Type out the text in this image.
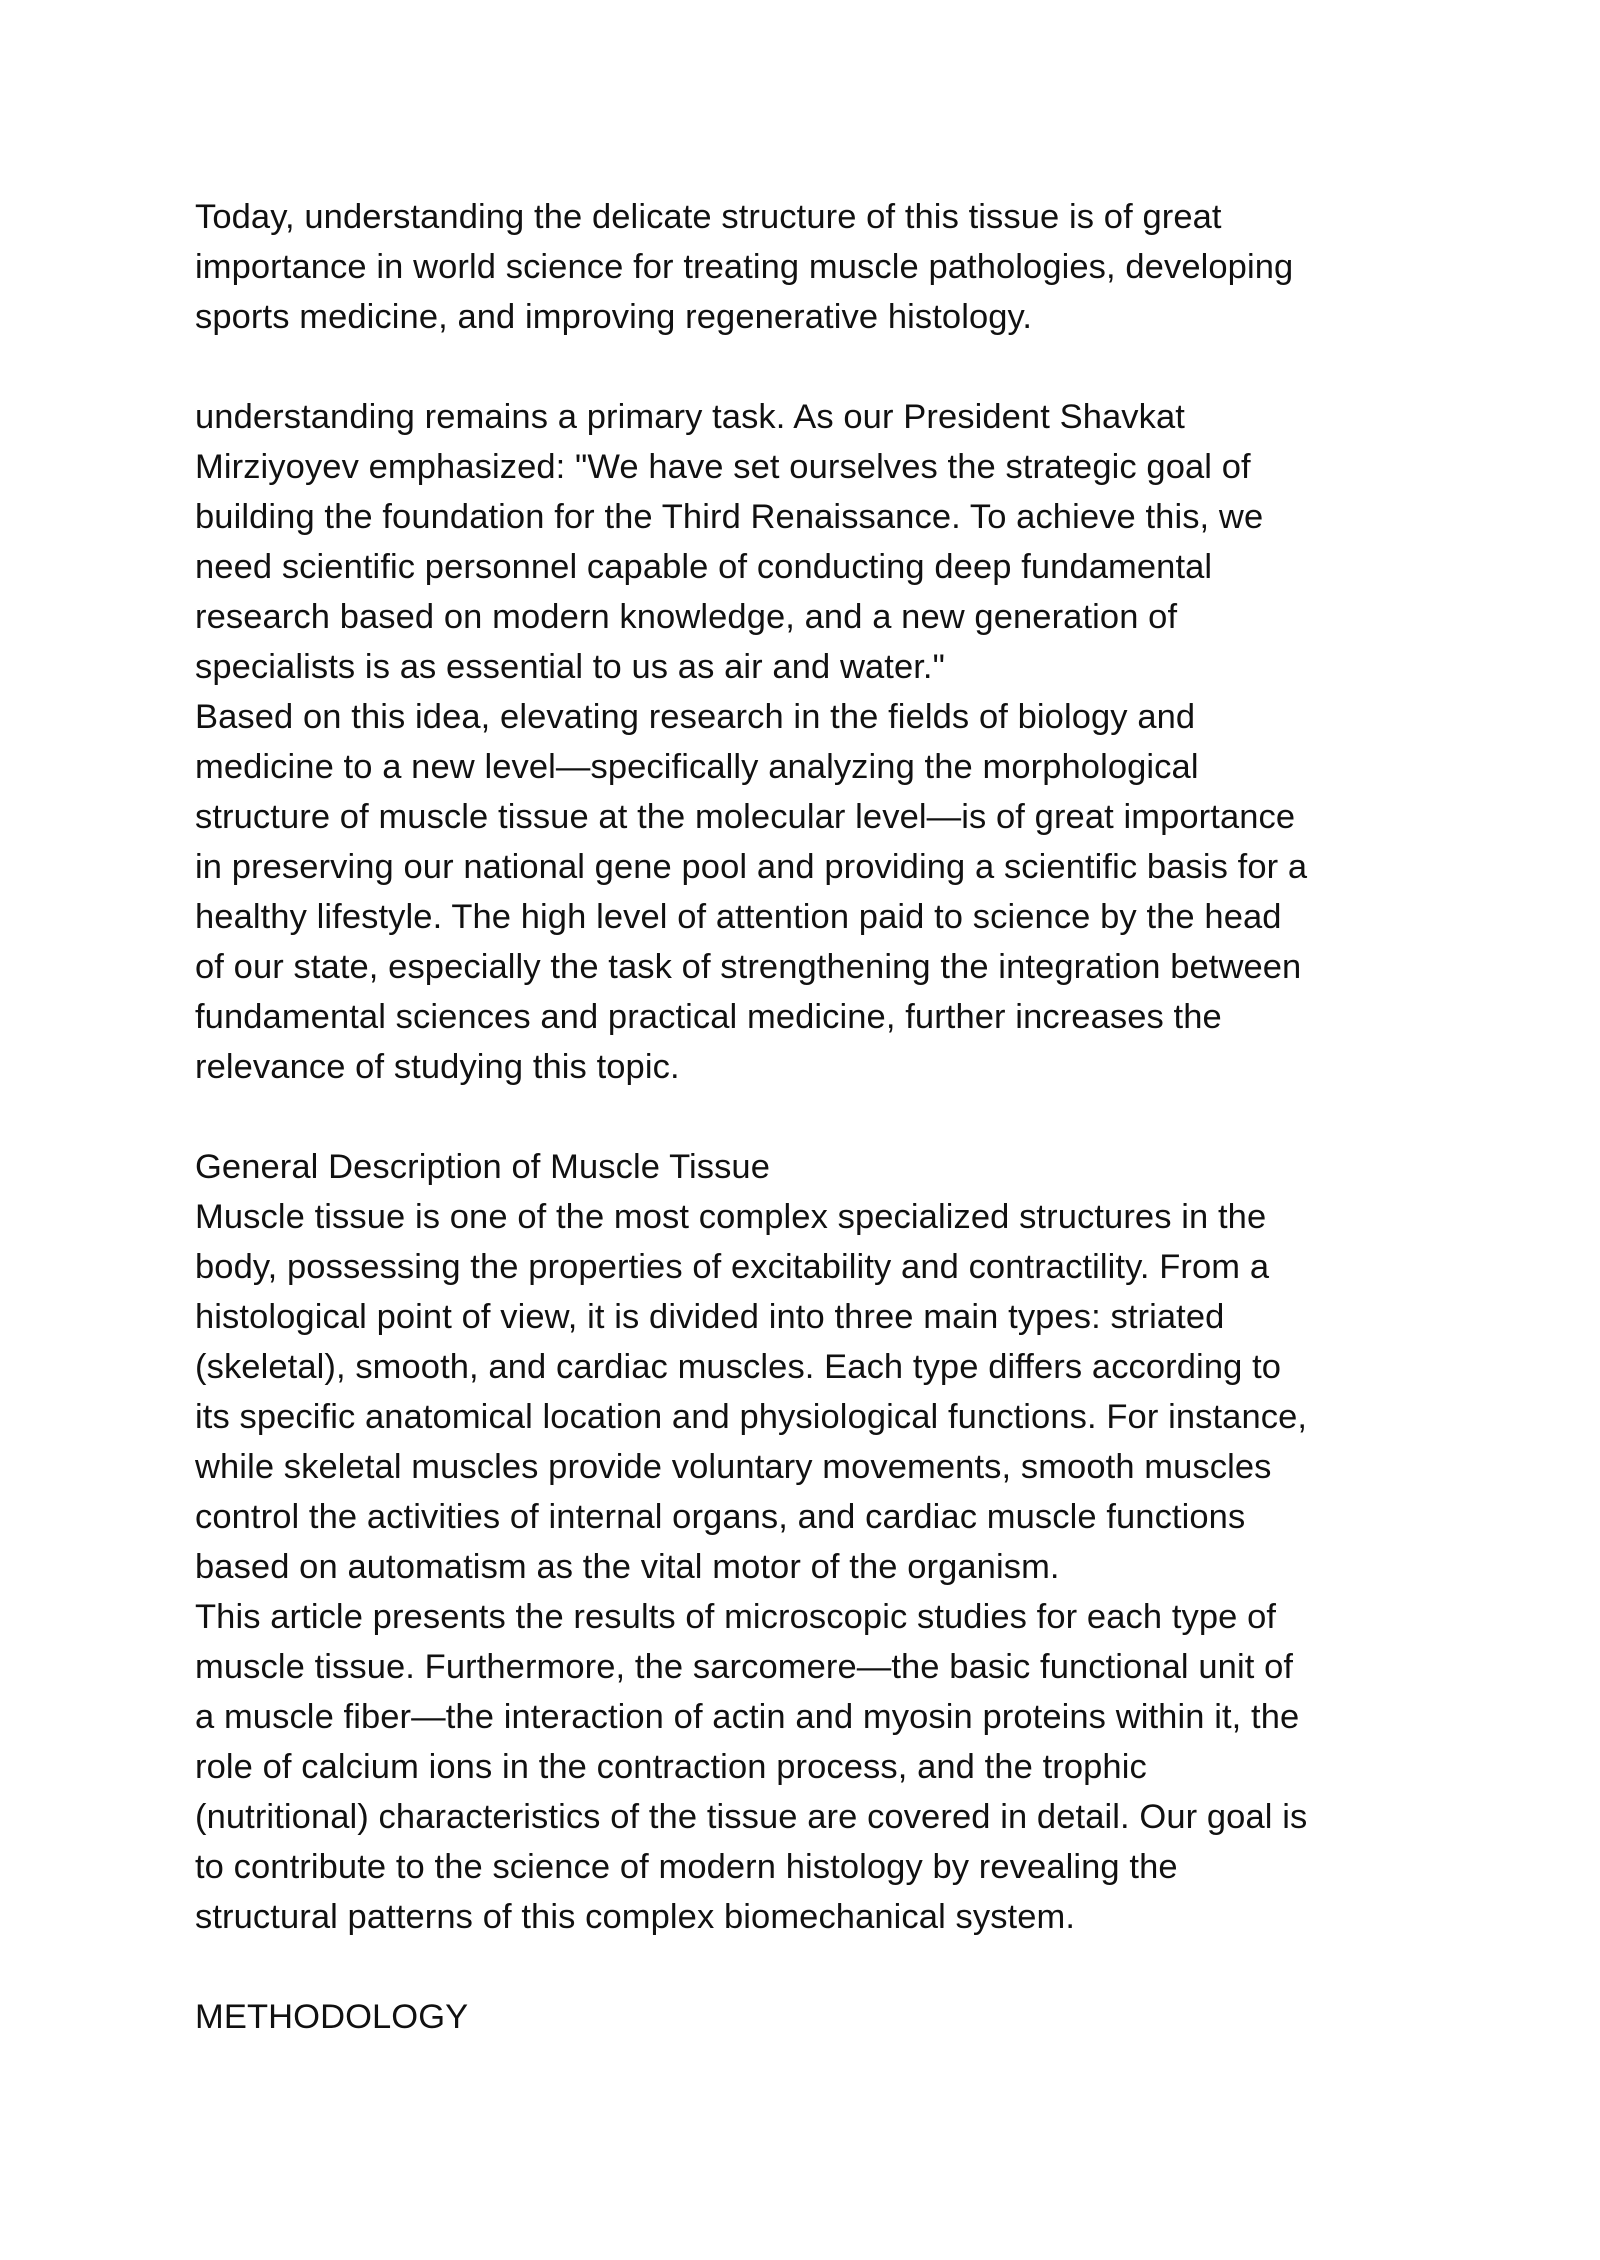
Today, understanding the delicate structure of this tissue is of great
importance in world science for treating muscle pathologies, developing
sports medicine, and improving regenerative histology.

understanding remains a primary task. As our President Shavkat
Mirziyoyev emphasized: "We have set ourselves the strategic goal of
building the foundation for the Third Renaissance. To achieve this, we
need scientific personnel capable of conducting deep fundamental
research based on modern knowledge, and a new generation of
specialists is as essential to us as air and water."

Based on this idea, elevating research in the fields of biology and
medicine to a new level—specifically analyzing the morphological
structure of muscle tissue at the molecular level—is of great importance
in preserving our national gene pool and providing a scientific basis for a
healthy lifestyle. The high level of attention paid to science by the head
of our state, especially the task of strengthening the integration between
fundamental sciences and practical medicine, further increases the
relevance of studying this topic.

General Description of Muscle Tissue

Muscle tissue is one of the most complex specialized structures in the
body, possessing the properties of excitability and contractility. From a
histological point of view, it is divided into three main types: striated
(skeletal), smooth, and cardiac muscles. Each type differs according to
its specific anatomical location and physiological functions. For instance,
while skeletal muscles provide voluntary movements, smooth muscles
control the activities of internal organs, and cardiac muscle functions
based on automatism as the vital motor of the organism.

This article presents the results of microscopic studies for each type of
muscle tissue. Furthermore, the sarcomere—the basic functional unit of
a muscle fiber—the interaction of actin and myosin proteins within it, the
role of calcium ions in the contraction process, and the trophic
(nutritional) characteristics of the tissue are covered in detail. Our goal is
to contribute to the science of modern histology by revealing the
structural patterns of this complex biomechanical system.

METHODOLOGY
